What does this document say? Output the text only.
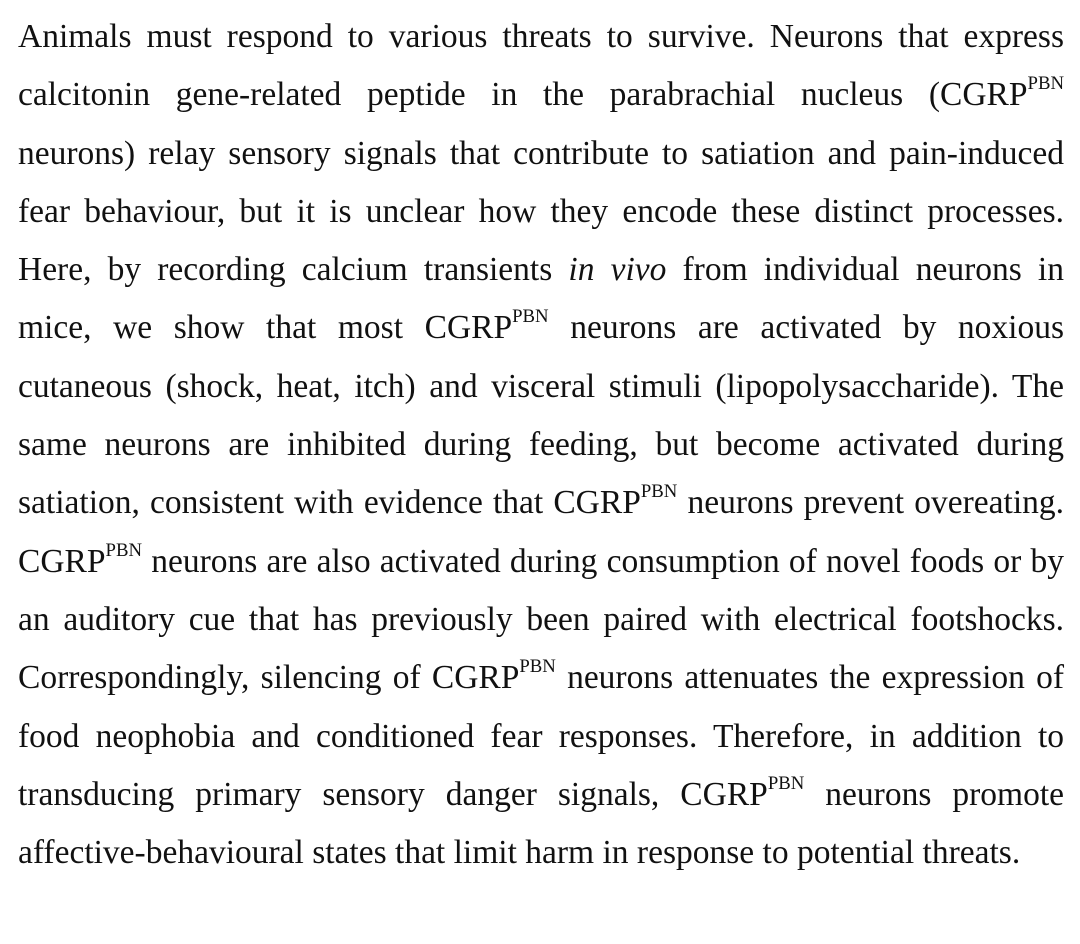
Animals must respond to various threats to survive. Neurons that express calcitonin gene-related peptide in the parabrachial nucleus ($CGRP^{PBN}$ neurons) relay sensory signals that contribute to satiation and pain-induced fear behaviour, but it is unclear how they encode these distinct processes. Here, by recording calcium transients in vivo from individual neurons in mice, we show that most $CGRP^{PBN}$ neurons are activated by noxious cutaneous (shock, heat, itch) and visceral stimuli (lipopolysaccharide). The same neurons are inhibited during feeding, but become activated during satiation, consistent with evidence that $CGRP^{PBN}$ neurons prevent overeating. $CGRP^{PBN}$ neurons are also activated during consumption of novel foods or by an auditory cue that has previously been paired with electrical footshocks. Correspondingly, silencing of $CGRP^{PBN}$ neurons attenuates the expression of food neophobia and conditioned fear responses. Therefore, in addition to transducing primary sensory danger signals, $CGRP^{PBN}$ neurons promote affective-behavioural states that limit harm in response to potential threats.
